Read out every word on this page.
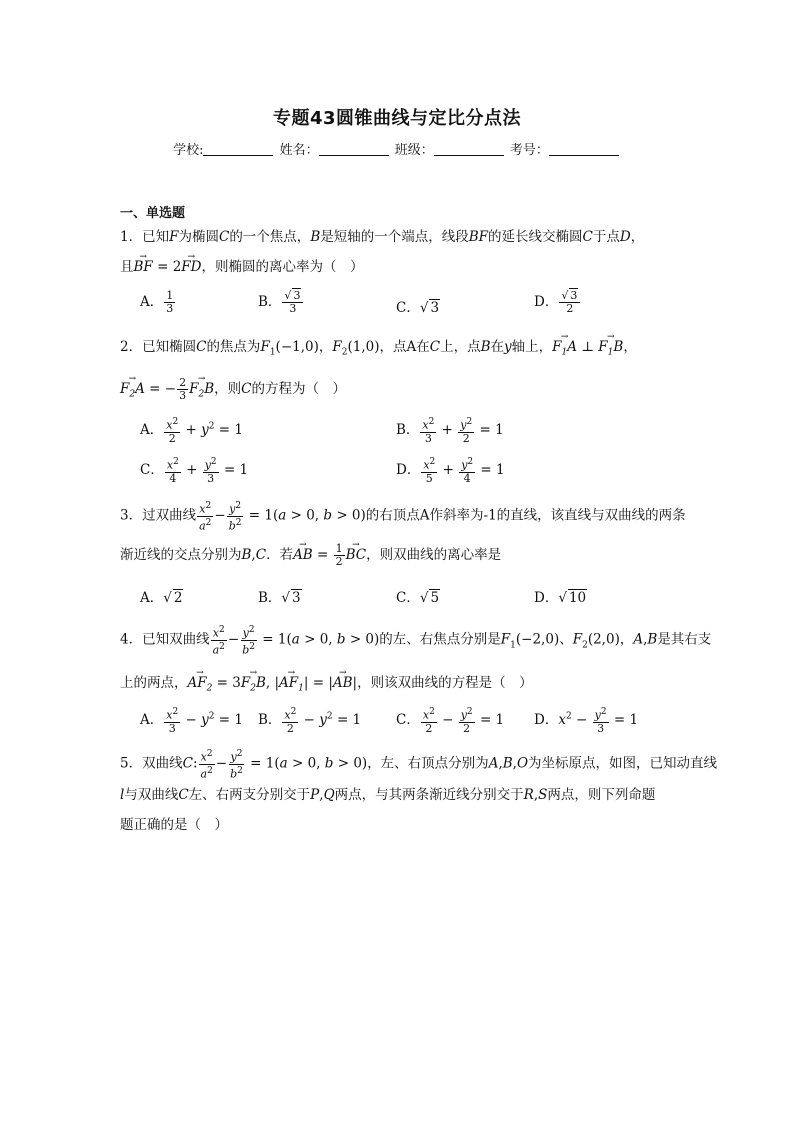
专题43圆锥曲线与定比分点法
学校:	姓名：	班级：	考号：
一、单选题
1．已知F为椭圆C的一个焦点，B是短轴的一个端点，线段BF的延长线交椭圆C于点D，
且→ BF = 2→ FD，则椭圆的离心率为（　）
A． $\frac{1}{3}$	B． $\frac{√ 3}{3}$	C．√ 3	D． $\frac{√ 3}{2}$
2．已知椭圆C的焦点为$F_1(-1,0)$，$F_2(1,0)$，点A在C上，点B在y轴上，→ $F_1A$ ⊥ → $F_1B$，
→ $F_2A$ = − $\frac{2}{3}$
→ $F_2B$，则C的方程为（　）
A． $\frac{x^2}{2} + y^2 = 1$	B． $\frac{x^2}{3} + \frac{y^2}{2} = 1$
C． $\frac{x^2}{4} + \frac{y^2}{3} = 1$	D． $\frac{x^2}{5} + \frac{y^2}{4} = 1$
3．过双曲线 $\frac{x^2}{a^2} - \frac{y^2}{b^2} = 1(a > 0$, b > 0)的右顶点A作斜率为-1的直线，该直线与双曲线的两条
渐近线的交点分别为B,C．若→ AB = $\frac{1}{2}$
→ BC，则双曲线的离心率是
A．√ 2	B．√ 3	C．√ 5	D．√ 10
4．已知双曲线 $\frac{x^2}{a^2} - \frac{y^2}{b^2} = 1(a > 0$, b > 0)的左、右焦点分别是$F_1(-2,0)$、$F_2(2,0)$，A,B是其右支
上的两点，→ $AF_2 = 3\to F_2B$, |→ $AF_1|$ = |→ AB|，则该双曲线的方程是（　）
A． $\frac{x^2}{3} - y^2 = 1$ B． $\frac{x^2}{2} - y^2 = 1$	C． $\frac{x^2}{2} - \frac{y^2}{2} = 1$ D．$x^2 - \frac{y^2}{3} = 1$
5．双曲线C: $\frac{x^2}{a^2} - \frac{y^2}{b^2} = 1(a > 0$, b > 0)，左、右顶点分别为A,B,O为坐标原点，如图，已知动直线
l与双曲线C左、右两支分别交于P,Q两点，与其两条渐近线分别交于R,S两点，则下列命题
题正确的是（　）
